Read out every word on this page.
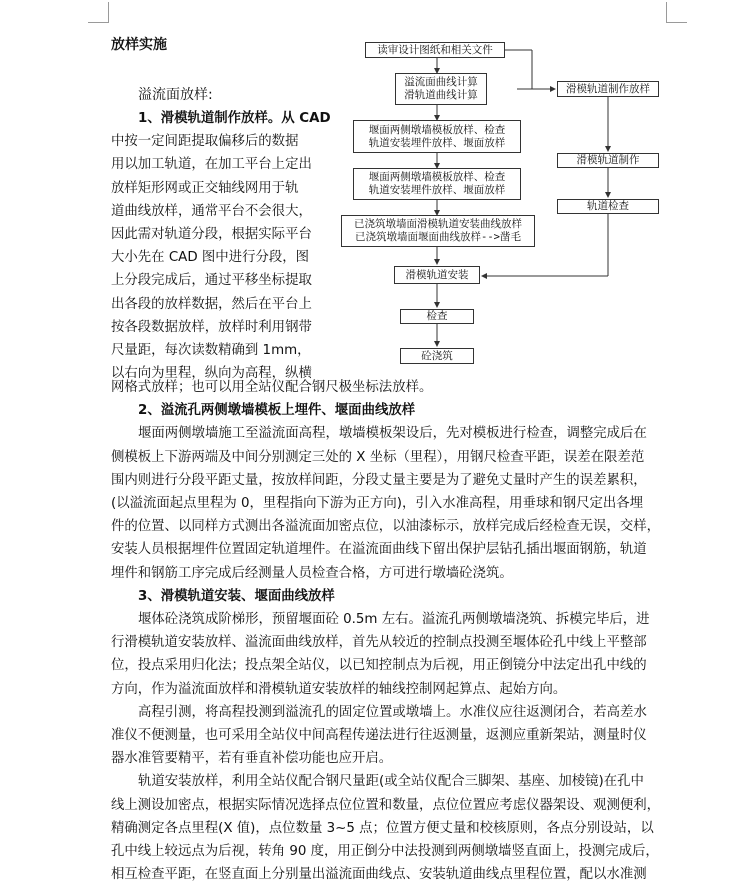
放样实施
溢流面放样:

1、滑模轨道制作放样。从 CAD

中按一定间距提取偏移后的数据

用以加工轨道，在加工平台上定出

放样矩形网或正交轴线网用于轨

道曲线放样，通常平台不会很大，

因此需对轨道分段，根据实际平台

大小先在 CAD 图中进行分段，图

上分段完成后，通过平移坐标提取

出各段的放样数据，然后在平台上

按各段数据放样，放样时利用钢带

尺量距，每次读数精确到 1mm，

以右向为里程，纵向为高程，纵横

读审设计图纸和相关文件
溢流面曲线计算
滑轨道曲线计算
堰面两侧墩墙模板放样、检查
轨道安装埋件放样、堰面放样
堰面两侧墩墙模板放样、检查
轨道安装埋件放样、堰面放样
已浇筑墩墙面滑模轨道安装曲线放样
已浇筑墩墙面堰面曲线放样-->凿毛
滑模轨道安装
检查
砼浇筑
滑模轨道制作放样
滑模轨道制作
轨道检查

网格式放样；也可以用全站仪配合钢尺极坐标法放样。

2、溢流孔两侧墩墙模板上埋件、堰面曲线放样

堰面两侧墩墙施工至溢流面高程，墩墙模板架设后，先对模板进行检查，调整完成后在

侧模板上下游两端及中间分别测定三处的 X 坐标（里程），用钢尺检查平距，误差在限差范

围内则进行分段平距丈量，按放样间距，分段丈量主要是为了避免丈量时产生的误差累积，

(以溢流面起点里程为 0，里程指向下游为正方向)，引入水准高程，用垂球和钢尺定出各埋

件的位置、以同样方式测出各溢流面加密点位，以油漆标示，放样完成后经检查无误，交样，

安装人员根据埋件位置固定轨道埋件。在溢流面曲线下留出保护层钻孔插出堰面钢筋，轨道

埋件和钢筋工序完成后经测量人员检查合格，方可进行墩墙砼浇筑。

3、滑模轨道安装、堰面曲线放样

堰体砼浇筑成阶梯形，预留堰面砼 0.5m 左右。溢流孔两侧墩墙浇筑、拆模完毕后，进

行滑模轨道安装放样、溢流面曲线放样，首先从较近的控制点投测至堰体砼孔中线上平整部

位，投点采用归化法；投点架全站仪，以已知控制点为后视，用正倒镜分中法定出孔中线的

方向，作为溢流面放样和滑模轨道安装放样的轴线控制网起算点、起始方向。

高程引测，将高程投测到溢流孔的固定位置或墩墙上。水准仪应往返测闭合，若高差水

准仪不便测量，也可采用全站仪中间高程传递法进行往返测量，返测应重新架站，测量时仪

器水准管要精平，若有垂直补偿功能也应开启。

轨道安装放样，利用全站仪配合钢尺量距(或全站仪配合三脚架、基座、加棱镜)在孔中

线上测设加密点，根据实际情况选择点位位置和数量，点位位置应考虑仪器架设、观测便利，

精确测定各点里程(X 值)，点位数量 3~5 点；位置方便丈量和校核原则，各点分别设站，以

孔中线上较远点为后视，转角 90 度，用正倒分中法投测到两侧墩墙竖直面上，投测完成后，

相互检查平距，在竖直面上分别量出溢流面曲线点、安装轨道曲线点里程位置，配以水准测
